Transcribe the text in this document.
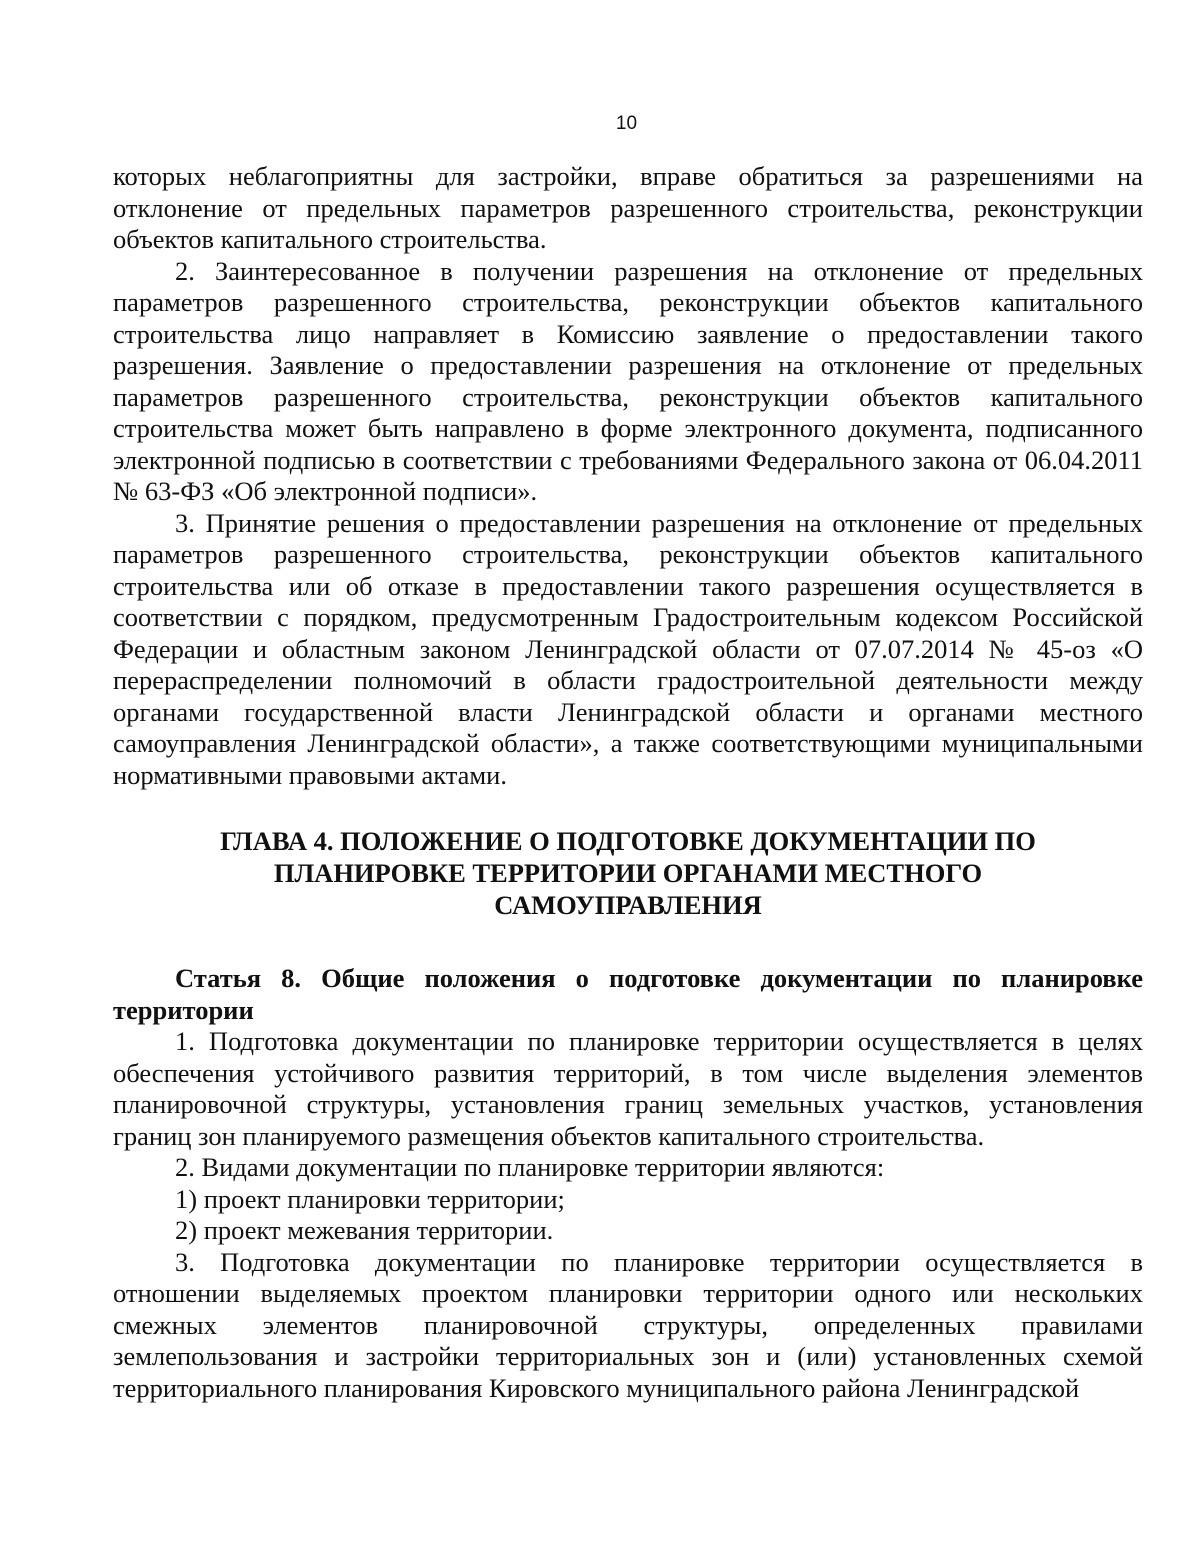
10

которых неблагоприятны для застройки, вправе обратиться за разрешениями на отклонение от предельных параметров разрешенного строительства, реконструкции объектов капитального строительства.

2. Заинтересованное в получении разрешения на отклонение от предельных параметров разрешенного строительства, реконструкции объектов капитального строительства лицо направляет в Комиссию заявление о предоставлении такого разрешения. Заявление о предоставлении разрешения на отклонение от предельных параметров разрешенного строительства, реконструкции объектов капитального строительства может быть направлено в форме электронного документа, подписанного электронной подписью в соответствии с требованиями Федерального закона от 06.04.2011 № 63-ФЗ «Об электронной подписи».

3. Принятие решения о предоставлении разрешения на отклонение от предельных параметров разрешенного строительства, реконструкции объектов капитального строительства или об отказе в предоставлении такого разрешения осуществляется в соответствии с порядком, предусмотренным Градостроительным кодексом Российской Федерации и областным законом Ленинградской области от 07.07.2014 № 45-оз «О перераспределении полномочий в области градостроительной деятельности между органами государственной власти Ленинградской области и органами местного самоуправления Ленинградской области», а также соответствующими муниципальными нормативными правовыми актами.

ГЛАВА 4. ПОЛОЖЕНИЕ О ПОДГОТОВКЕ ДОКУМЕНТАЦИИ ПО ПЛАНИРОВКЕ ТЕРРИТОРИИ ОРГАНАМИ МЕСТНОГО САМОУПРАВЛЕНИЯ

Статья 8. Общие положения о подготовке документации по планировке территории

1. Подготовка документации по планировке территории осуществляется в целях обеспечения устойчивого развития территорий, в том числе выделения элементов планировочной структуры, установления границ земельных участков, установления границ зон планируемого размещения объектов капитального строительства.

2. Видами документации по планировке территории являются:

1) проект планировки территории;

2) проект межевания территории.

3. Подготовка документации по планировке территории осуществляется в отношении выделяемых проектом планировки территории одного или нескольких смежных элементов планировочной структуры, определенных правилами землепользования и застройки территориальных зон и (или) установленных схемой территориального планирования Кировского муниципального района Ленинградской
